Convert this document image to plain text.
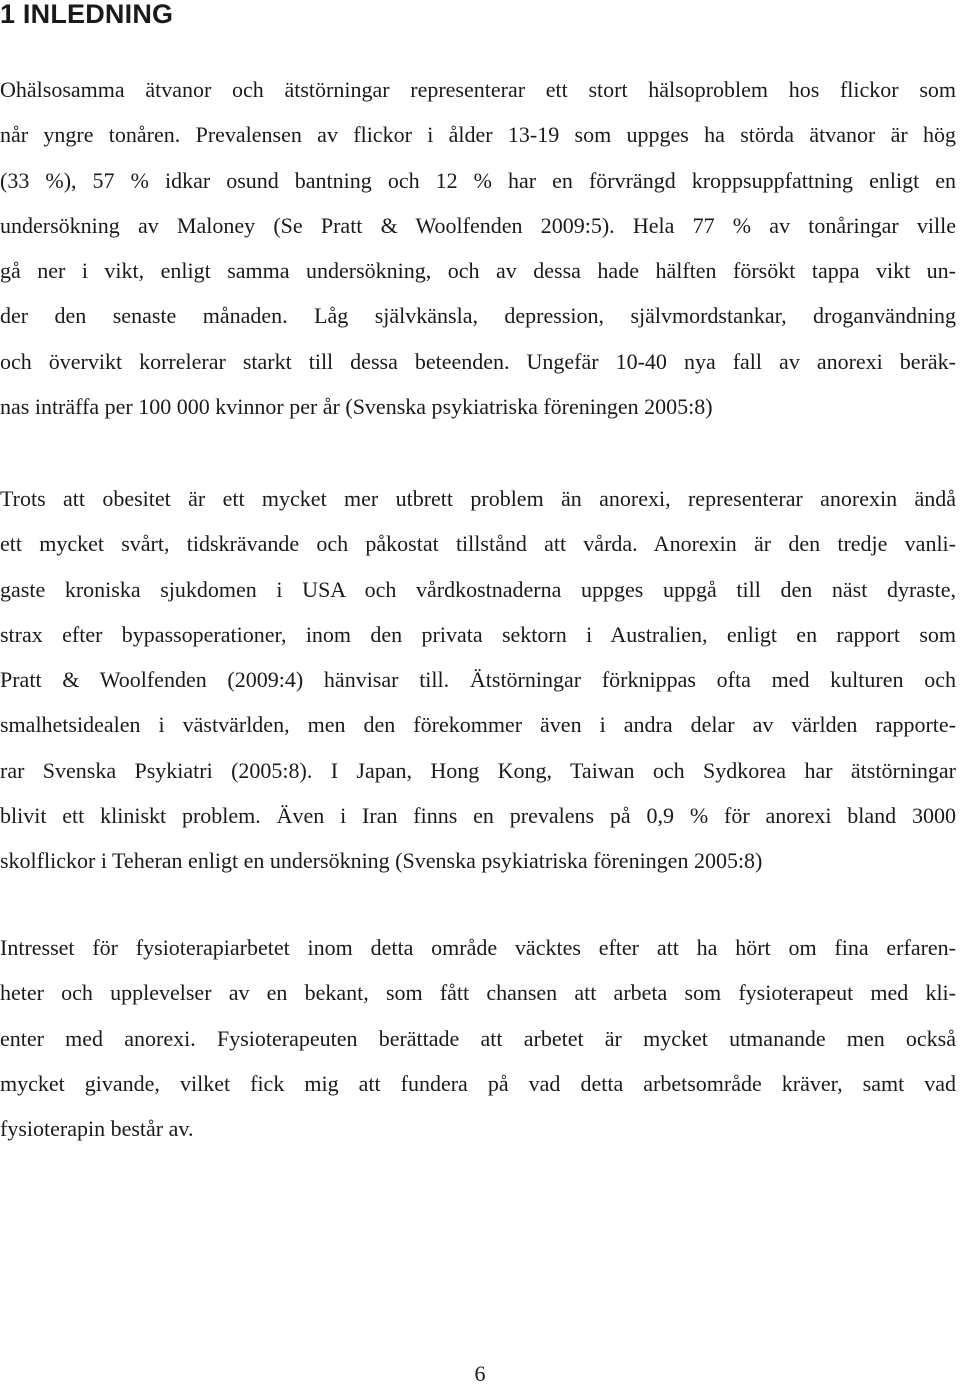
1 INLEDNING

Ohälsosamma ätvanor och ätstörningar representerar ett stort hälsoproblem hos flickor som
når yngre tonåren. Prevalensen av flickor i ålder 13-19 som uppges ha störda ätvanor är hög
(33 %), 57 % idkar osund bantning och 12 % har en förvrängd kroppsuppfattning enligt en
undersökning av Maloney (Se Pratt & Woolfenden 2009:5). Hela 77 % av tonåringar ville
gå ner i vikt, enligt samma undersökning, och av dessa hade hälften försökt tappa vikt un-
der den senaste månaden. Låg självkänsla, depression, självmordstankar, droganvändning
och övervikt korrelerar starkt till dessa beteenden. Ungefär 10-40 nya fall av anorexi beräk-
nas inträffa per 100 000 kvinnor per år (Svenska psykiatriska föreningen 2005:8)

Trots att obesitet är ett mycket mer utbrett problem än anorexi, representerar anorexin ändå
ett mycket svårt, tidskrävande och påkostat tillstånd att vårda. Anorexin är den tredje vanli-
gaste kroniska sjukdomen i USA och vårdkostnaderna uppges uppgå till den näst dyraste,
strax efter bypassoperationer, inom den privata sektorn i Australien, enligt en rapport som
Pratt & Woolfenden (2009:4) hänvisar till. Ätstörningar förknippas ofta med kulturen och
smalhetsidealen i västvärlden, men den förekommer även i andra delar av världen rapporte-
rar Svenska Psykiatri (2005:8). I Japan, Hong Kong, Taiwan och Sydkorea har ätstörningar
blivit ett kliniskt problem. Även i Iran finns en prevalens på 0,9 % för anorexi bland 3000
skolflickor i Teheran enligt en undersökning (Svenska psykiatriska föreningen 2005:8)

Intresset för fysioterapiarbetet inom detta område väcktes efter att ha hört om fina erfaren-
heter och upplevelser av en bekant, som fått chansen att arbeta som fysioterapeut med kli-
enter med anorexi. Fysioterapeuten berättade att arbetet är mycket utmanande men också
mycket givande, vilket fick mig att fundera på vad detta arbetsområde kräver, samt vad
fysioterapin består av.

6
